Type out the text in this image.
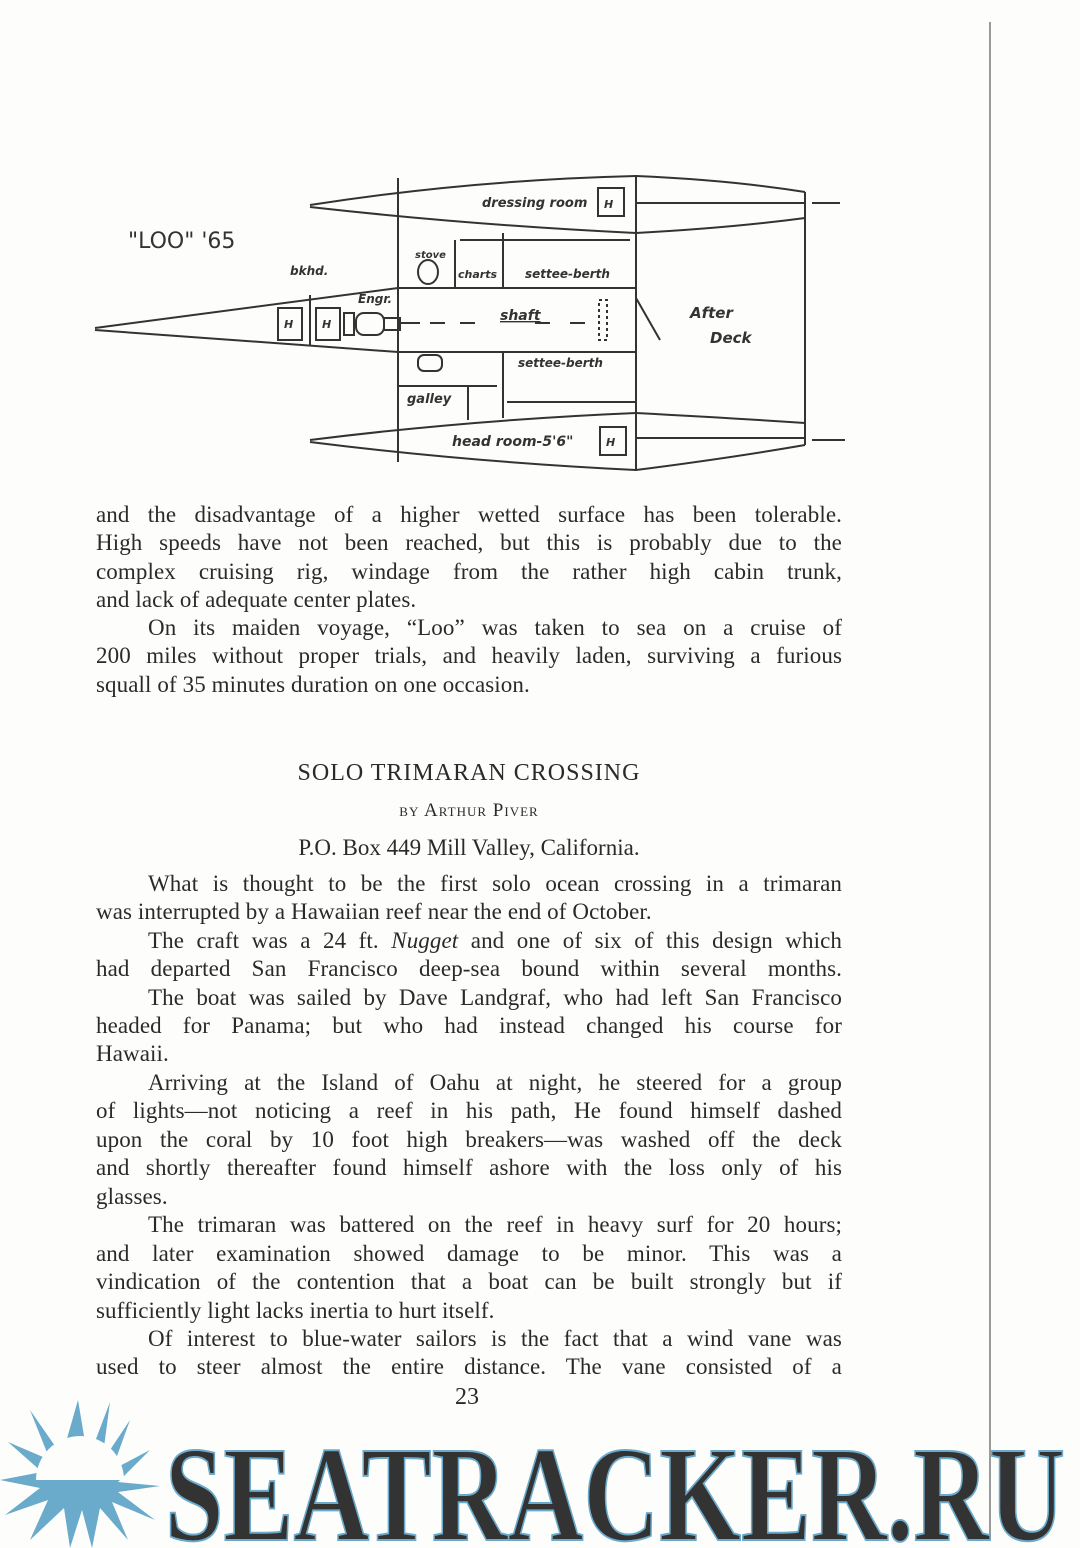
"LOO" '65
dressing room
stove
charts settee-berth
bkhd.
Engr.
shaft	After
Deck
settee-berth
galley
head room-5'6"
H
H	H
H
and the disadvantage of a higher wetted surface has been tolerable.
High speeds have not been reached, but this is probably due to the
complex cruising rig, windage from the rather high cabin trunk,
and lack of adequate center plates.
On its maiden voyage, “Loo” was taken to sea on a cruise of
200 miles without proper trials, and heavily laden, surviving a furious
squall of 35 minutes duration on one occasion.
SOLO TRIMARAN CROSSING
by Arthur Piver
P.O. Box 449 Mill Valley, California.
What is thought to be the first solo ocean crossing in a trimaran
was interrupted by a Hawaiian reef near the end of October.
The craft was a 24 ft. Nugget and one of six of this design which
had departed San Francisco deep-sea bound within several months.
The boat was sailed by Dave Landgraf, who had left San Francisco
headed for Panama; but who had instead changed his course for
Hawaii.
Arriving at the Island of Oahu at night, he steered for a group
of lights—not noticing a reef in his path, He found himself dashed
upon the coral by 10 foot high breakers—was washed off the deck
and shortly thereafter found himself ashore with the loss only of his
glasses.
The trimaran was battered on the reef in heavy surf for 20 hours;
and later examination showed damage to be minor. This was a
vindication of the contention that a boat can be built strongly but if
sufficiently light lacks inertia to hurt itself.
Of interest to blue-water sailors is the fact that a wind vane was
used to steer almost the entire distance. The vane consisted of a
23
SEATRACKER.RU
